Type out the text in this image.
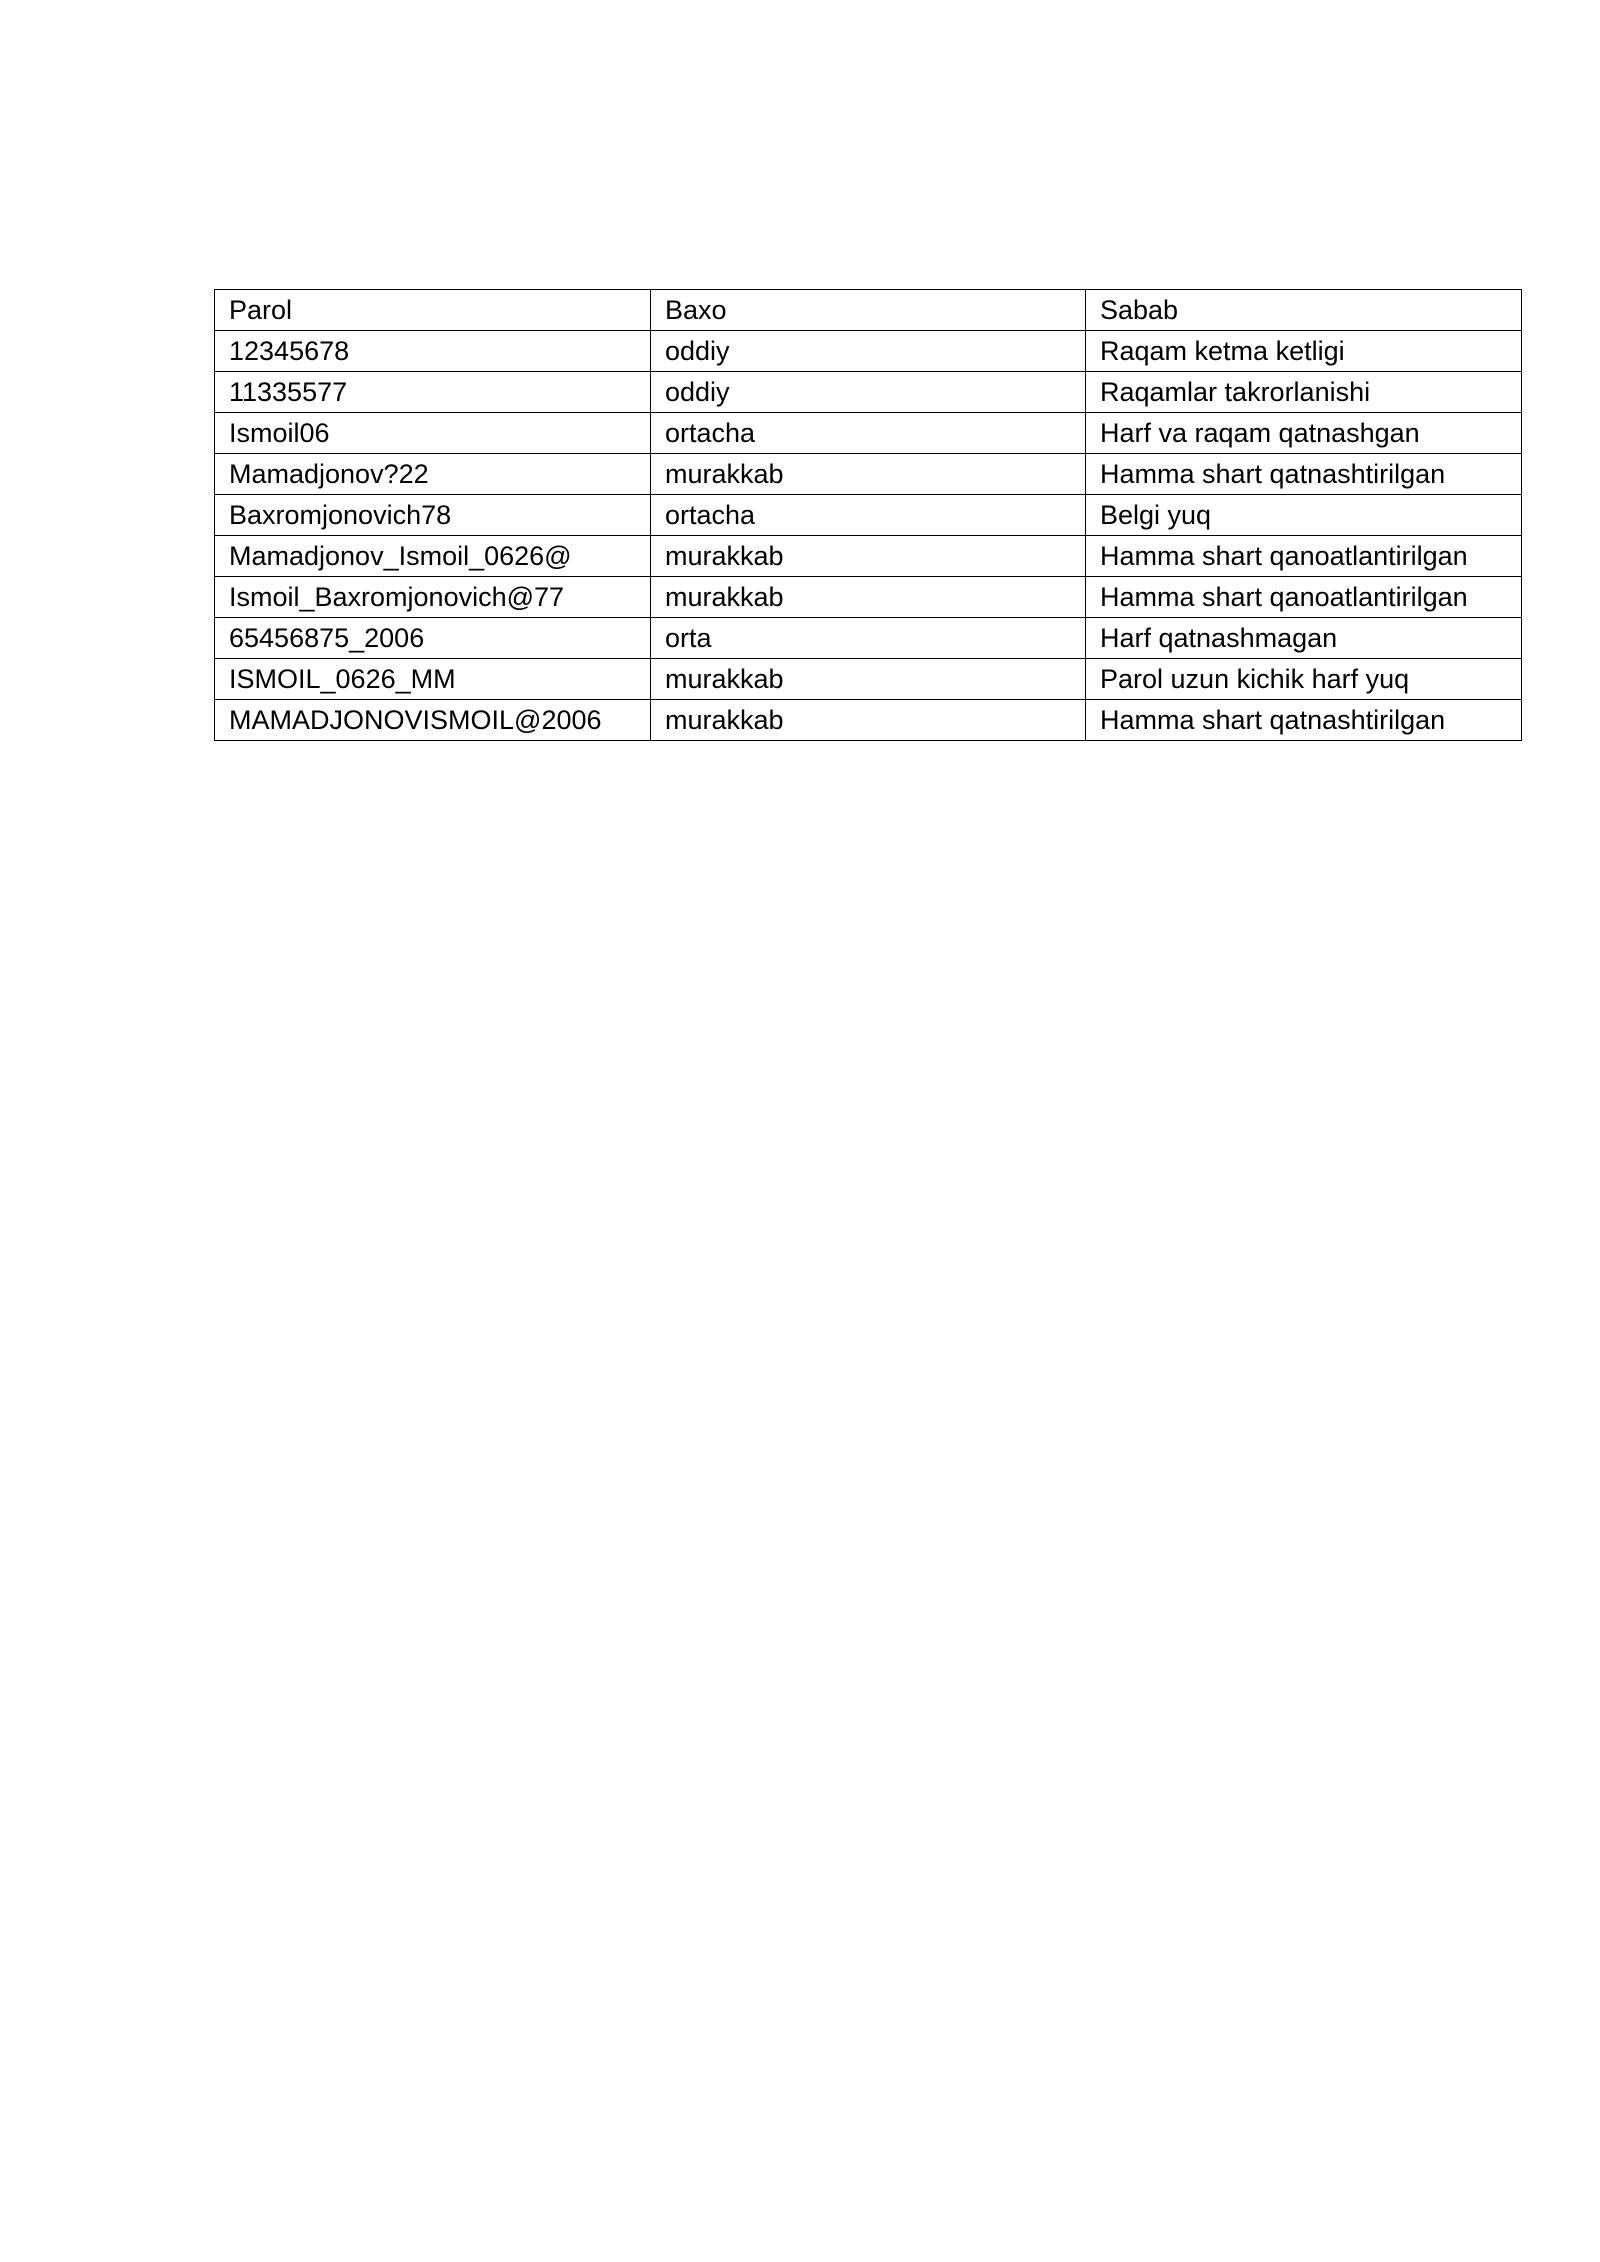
Parol	Baxo	Sabab
12345678	oddiy	Raqam ketma ketligi
11335577	oddiy	Raqamlar takrorlanishi
Ismoil06	ortacha	Harf va raqam qatnashgan
Mamadjonov?22	murakkab	Hamma shart qatnashtirilgan
Baxromjonovich78	ortacha	Belgi yuq
Mamadjonov_Ismoil_0626@	murakkab	Hamma shart qanoatlantirilgan
Ismoil_Baxromjonovich@77	murakkab	Hamma shart qanoatlantirilgan
65456875_2006	orta	Harf qatnashmagan
ISMOIL_0626_MM	murakkab	Parol uzun kichik harf yuq
MAMADJONOVISMOIL@2006	murakkab	Hamma shart qatnashtirilgan
